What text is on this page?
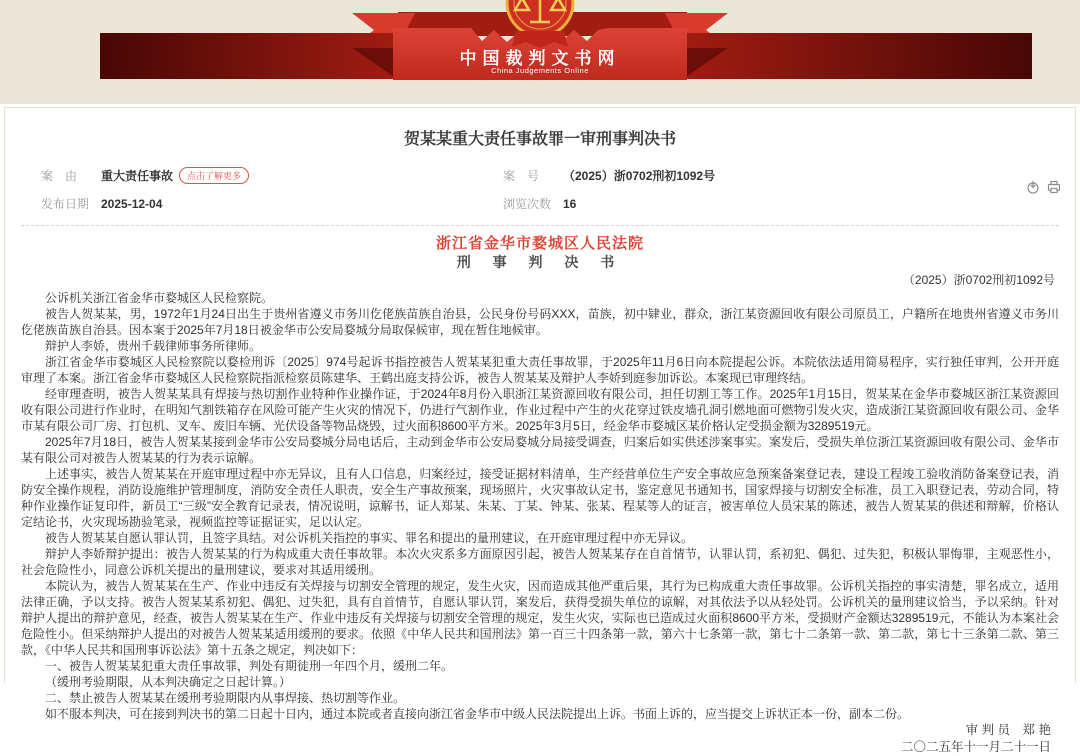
中国裁判文书网
China Judgements Online
贺某某重大责任事故罪一审刑事判决书
案　由	重大责任事故	点击了解更多	案　号	（2025）浙0702刑初1092号
发布日期 2025-12-04	浏览次数 16
浙江省金华市婺城区人民法院
刑 事 判 决 书
（2025）浙0702刑初1092号

公诉机关浙江省金华市婺城区人民检察院。

被告人贺某某，男，1972年1月24日出生于贵州省遵义市务川仡佬族苗族自治县，公民身份号码XXX，苗族，初中肄业，群众，浙江某资源回收有限公司原员工，户籍所在地贵州省遵义市务川仡佬族苗族自治县。因本案于2025年7月18日被金华市公安局婺城分局取保候审，现在暂住地候审。

辩护人李娇，贵州千载律师事务所律师。

浙江省金华市婺城区人民检察院以婺检刑诉〔2025〕974号起诉书指控被告人贺某某犯重大责任事故罪，于2025年11月6日向本院提起公诉。本院依法适用简易程序，实行独任审判，公开开庭审理了本案。浙江省金华市婺城区人民检察院指派检察员陈建华、王鹤出庭支持公诉，被告人贺某某及辩护人李娇到庭参加诉讼。本案现已审理终结。

经审理查明，被告人贺某某具有焊接与热切割作业特种作业操作证，于2024年8月份入职浙江某资源回收有限公司，担任切割工等工作。2025年1月15日，贺某某在金华市婺城区浙江某资源回收有限公司进行作业时，在明知气割铁箱存在风险可能产生火灾的情况下，仍进行气割作业，作业过程中产生的火花穿过铁皮墙孔洞引燃地面可燃物引发火灾，造成浙江某资源回收有限公司、金华市某有限公司厂房、打包机、叉车、废旧车辆、光伏设备等物品烧毁，过火面积8600平方米。2025年3月5日，经金华市婺城区某价格认定受损金额为3289519元。

2025年7月18日，被告人贺某某接到金华市公安局婺城分局电话后，主动到金华市公安局婺城分局接受调查，归案后如实供述涉案事实。案发后，受损失单位浙江某资源回收有限公司、金华市某有限公司对被告人贺某某的行为表示谅解。

上述事实，被告人贺某某在开庭审理过程中亦无异议，且有人口信息，归案经过，接受证据材料清单，生产经营单位生产安全事故应急预案备案登记表，建设工程竣工验收消防备案登记表，消防安全操作规程，消防设施维护管理制度，消防安全责任人职责，安全生产事故预案，现场照片，火灾事故认定书，鉴定意见书通知书，国家焊接与切割安全标准，员工入职登记表，劳动合同，特种作业操作证复印件，新员工“三级”安全教育记录表，情况说明，谅解书，证人郑某、朱某、丁某、钟某、张某、程某等人的证言，被害单位人员宋某的陈述，被告人贺某某的供述和辩解，价格认定结论书，火灾现场勘验笔录，视频监控等证据证实，足以认定。

被告人贺某某自愿认罪认罚，且签字具结。对公诉机关指控的事实、罪名和提出的量刑建议，在开庭审理过程中亦无异议。

辩护人李娇辩护提出：被告人贺某某的行为构成重大责任事故罪。本次火灾系多方面原因引起，被告人贺某某存在自首情节，认罪认罚，系初犯、偶犯、过失犯，积极认罪悔罪，主观恶性小，社会危险性小，同意公诉机关提出的量刑建议，要求对其适用缓刑。

本院认为，被告人贺某某在生产、作业中违反有关焊接与切割安全管理的规定，发生火灾，因而造成其他严重后果，其行为已构成重大责任事故罪。公诉机关指控的事实清楚，罪名成立，适用法律正确，予以支持。被告人贺某某系初犯、偶犯、过失犯，具有自首情节，自愿认罪认罚，案发后，获得受损失单位的谅解，对其依法予以从轻处罚。公诉机关的量刑建议恰当，予以采纳。针对辩护人提出的辩护意见，经查，被告人贺某某在生产、作业中违反有关焊接与切割安全管理的规定，发生火灾，实际也已造成过火面积8600平方米，受损财产金额达3289519元，不能认为本案社会危险性小。但采纳辩护人提出的对被告人贺某某适用缓刑的要求。依照《中华人民共和国刑法》第一百三十四条第一款，第六十七条第一款，第七十二条第一款、第二款，第七十三条第二款、第三款，《中华人民共和国刑事诉讼法》第十五条之规定，判决如下：

一、被告人贺某某犯重大责任事故罪，判处有期徒刑一年四个月，缓刑二年。

（缓刑考验期限，从本判决确定之日起计算。）

二、禁止被告人贺某某在缓刑考验期限内从事焊接、热切割等作业。

如不服本判决，可在接到判决书的第二日起十日内，通过本院或者直接向浙江省金华市中级人民法院提出上诉。书面上诉的，应当提交上诉状正本一份，副本二份。

审 判 员　郑 艳
二〇二五年十一月二十一日
